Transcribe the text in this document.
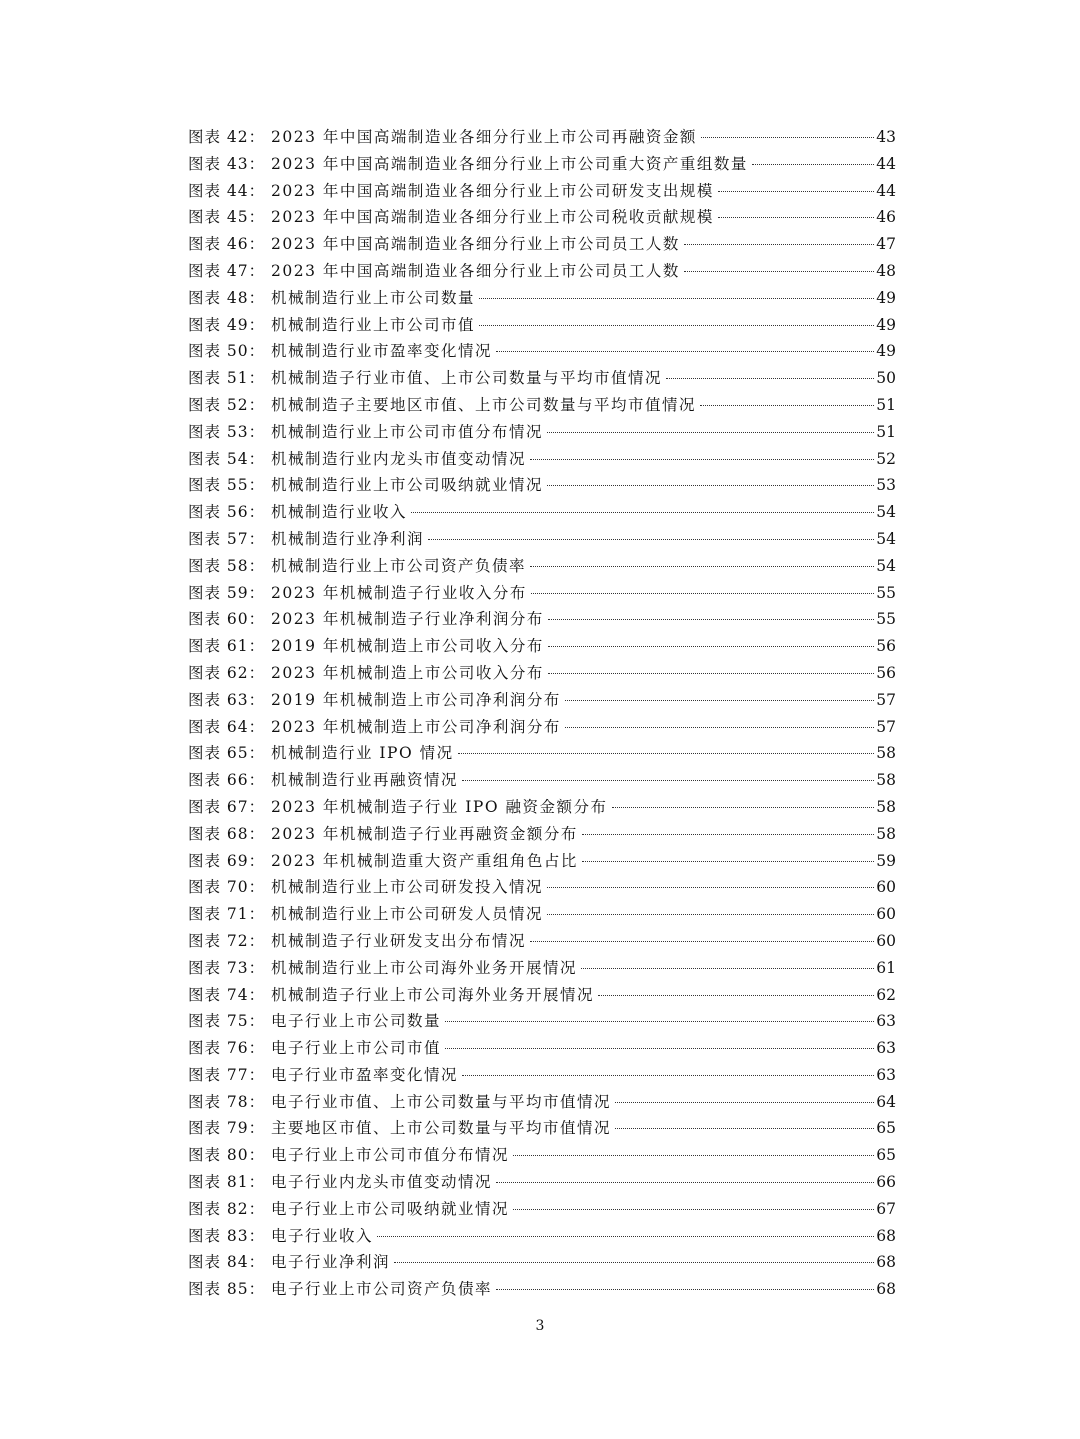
图表 42： 2023 年中国高端制造业各细分行业上市公司再融资金额	43
图表 43： 2023 年中国高端制造业各细分行业上市公司重大资产重组数量	44
图表 44： 2023 年中国高端制造业各细分行业上市公司研发支出规模	44
图表 45： 2023 年中国高端制造业各细分行业上市公司税收贡献规模	46
图表 46： 2023 年中国高端制造业各细分行业上市公司员工人数	47
图表 47： 2023 年中国高端制造业各细分行业上市公司员工人数	48
图表 48： 机械制造行业上市公司数量	49
图表 49： 机械制造行业上市公司市值	49
图表 50： 机械制造行业市盈率变化情况	49
图表 51： 机械制造子行业市值、上市公司数量与平均市值情况	50
图表 52： 机械制造子主要地区市值、上市公司数量与平均市值情况	51
图表 53： 机械制造行业上市公司市值分布情况	51
图表 54： 机械制造行业内龙头市值变动情况	52
图表 55： 机械制造行业上市公司吸纳就业情况	53
图表 56： 机械制造行业收入	54
图表 57： 机械制造行业净利润	54
图表 58： 机械制造行业上市公司资产负债率	54
图表 59： 2023 年机械制造子行业收入分布	55
图表 60： 2023 年机械制造子行业净利润分布	55
图表 61： 2019 年机械制造上市公司收入分布	56
图表 62： 2023 年机械制造上市公司收入分布	56
图表 63： 2019 年机械制造上市公司净利润分布	57
图表 64： 2023 年机械制造上市公司净利润分布	57
图表 65： 机械制造行业 IPO 情况	58
图表 66： 机械制造行业再融资情况	58
图表 67： 2023 年机械制造子行业 IPO 融资金额分布	58
图表 68： 2023 年机械制造子行业再融资金额分布	58
图表 69： 2023 年机械制造重大资产重组角色占比	59
图表 70： 机械制造行业上市公司研发投入情况	60
图表 71： 机械制造行业上市公司研发人员情况	60
图表 72： 机械制造子行业研发支出分布情况	60
图表 73： 机械制造行业上市公司海外业务开展情况	61
图表 74： 机械制造子行业上市公司海外业务开展情况	62
图表 75： 电子行业上市公司数量	63
图表 76： 电子行业上市公司市值	63
图表 77： 电子行业市盈率变化情况	63
图表 78： 电子行业市值、上市公司数量与平均市值情况	64
图表 79： 主要地区市值、上市公司数量与平均市值情况	65
图表 80： 电子行业上市公司市值分布情况	65
图表 81： 电子行业内龙头市值变动情况	66
图表 82： 电子行业上市公司吸纳就业情况	67
图表 83： 电子行业收入	68
图表 84： 电子行业净利润	68
图表 85： 电子行业上市公司资产负债率	68
3
